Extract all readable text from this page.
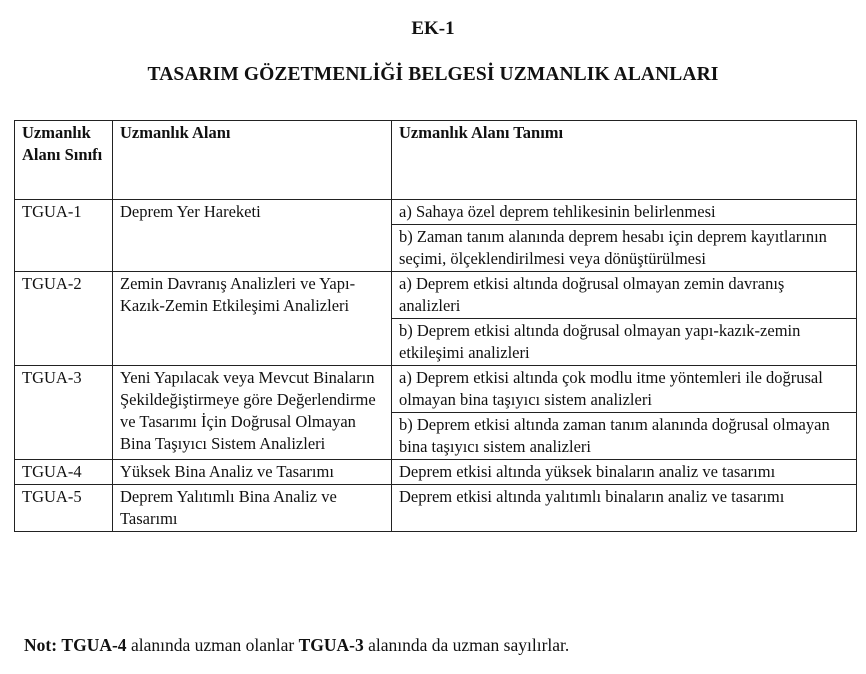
EK-1
TASARIM GÖZETMENLİĞİ BELGESİ UZMANLIK ALANLARI
Uzmanlık Alanı Sınıfı	Uzmanlık Alanı	Uzmanlık Alanı Tanımı
TGUA-1	Deprem Yer Hareketi	a) Sahaya özel deprem tehlikesinin belirlenmesi
		b) Zaman tanım alanında deprem hesabı için deprem kayıtlarının seçimi, ölçeklendirilmesi veya dönüştürülmesi
TGUA-2	Zemin Davranış Analizleri ve Yapı-Kazık-Zemin Etkileşimi Analizleri	a) Deprem etkisi altında doğrusal olmayan zemin davranış analizleri
		b) Deprem etkisi altında doğrusal olmayan yapı-kazık-zemin etkileşimi analizleri
TGUA-3	Yeni Yapılacak veya Mevcut Binaların Şekildeğiştirmeye göre Değerlendirme ve Tasarımı İçin Doğrusal Olmayan Bina Taşıyıcı Sistem Analizleri	a) Deprem etkisi altında çok modlu itme yöntemleri ile doğrusal olmayan bina taşıyıcı sistem analizleri
		b) Deprem etkisi altında zaman tanım alanında doğrusal olmayan bina taşıyıcı sistem analizleri
TGUA-4	Yüksek Bina Analiz ve Tasarımı	Deprem etkisi altında yüksek binaların analiz ve tasarımı
TGUA-5	Deprem Yalıtımlı Bina Analiz ve Tasarımı	Deprem etkisi altında yalıtımlı binaların analiz ve tasarımı
Not: TGUA-4 alanında uzman olanlar TGUA-3 alanında da uzman sayılırlar.
